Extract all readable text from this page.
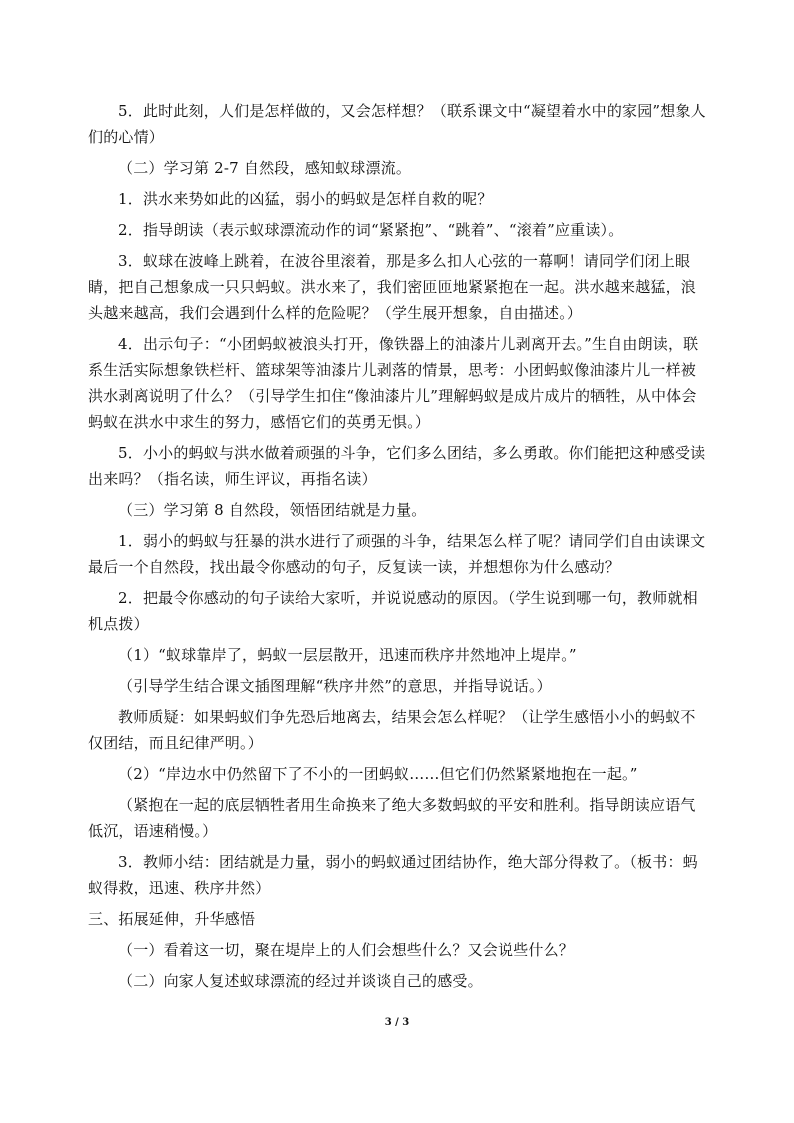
5．此时此刻，人们是怎样做的，又会怎样想？（联系课文中“凝望着水中的家园”想象人们的心情）

（二）学习第 2-7 自然段，感知蚁球漂流。

1．洪水来势如此的凶猛，弱小的蚂蚁是怎样自救的呢？

2．指导朗读（表示蚁球漂流动作的词“紧紧抱”、“跳着”、“滚着”应重读）。

3．蚁球在波峰上跳着，在波谷里滚着，那是多么扣人心弦的一幕啊！请同学们闭上眼睛，把自己想象成一只只蚂蚁。洪水来了，我们密匝匝地紧紧抱在一起。洪水越来越猛，浪头越来越高，我们会遇到什么样的危险呢？（学生展开想象，自由描述。）

4．出示句子：“小团蚂蚁被浪头打开，像铁器上的油漆片儿剥离开去。”生自由朗读，联系生活实际想象铁栏杆、篮球架等油漆片儿剥落的情景，思考：小团蚂蚁像油漆片儿一样被洪水剥离说明了什么？（引导学生扣住“像油漆片儿”理解蚂蚁是成片成片的牺牲，从中体会蚂蚁在洪水中求生的努力，感悟它们的英勇无惧。）

5．小小的蚂蚁与洪水做着顽强的斗争，它们多么团结，多么勇敢。你们能把这种感受读出来吗？（指名读，师生评议，再指名读）

（三）学习第 8 自然段，领悟团结就是力量。

1．弱小的蚂蚁与狂暴的洪水进行了顽强的斗争，结果怎么样了呢？请同学们自由读课文最后一个自然段，找出最令你感动的句子，反复读一读，并想想你为什么感动？

2．把最令你感动的句子读给大家听，并说说感动的原因。（学生说到哪一句，教师就相机点拨）

（1）“蚁球靠岸了，蚂蚁一层层散开，迅速而秩序井然地冲上堤岸。”

（引导学生结合课文插图理解“秩序井然”的意思，并指导说话。）

教师质疑：如果蚂蚁们争先恐后地离去，结果会怎么样呢？（让学生感悟小小的蚂蚁不仅团结，而且纪律严明。）

（2）“岸边水中仍然留下了不小的一团蚂蚁……但它们仍然紧紧地抱在一起。”

（紧抱在一起的底层牺牲者用生命换来了绝大多数蚂蚁的平安和胜利。指导朗读应语气低沉，语速稍慢。）

3．教师小结：团结就是力量，弱小的蚂蚁通过团结协作，绝大部分得救了。（板书：蚂蚁得救，迅速、秩序井然）

三、拓展延伸，升华感悟

（一）看着这一切，聚在堤岸上的人们会想些什么？又会说些什么？

（二）向家人复述蚁球漂流的经过并谈谈自己的感受。

3 / 3
